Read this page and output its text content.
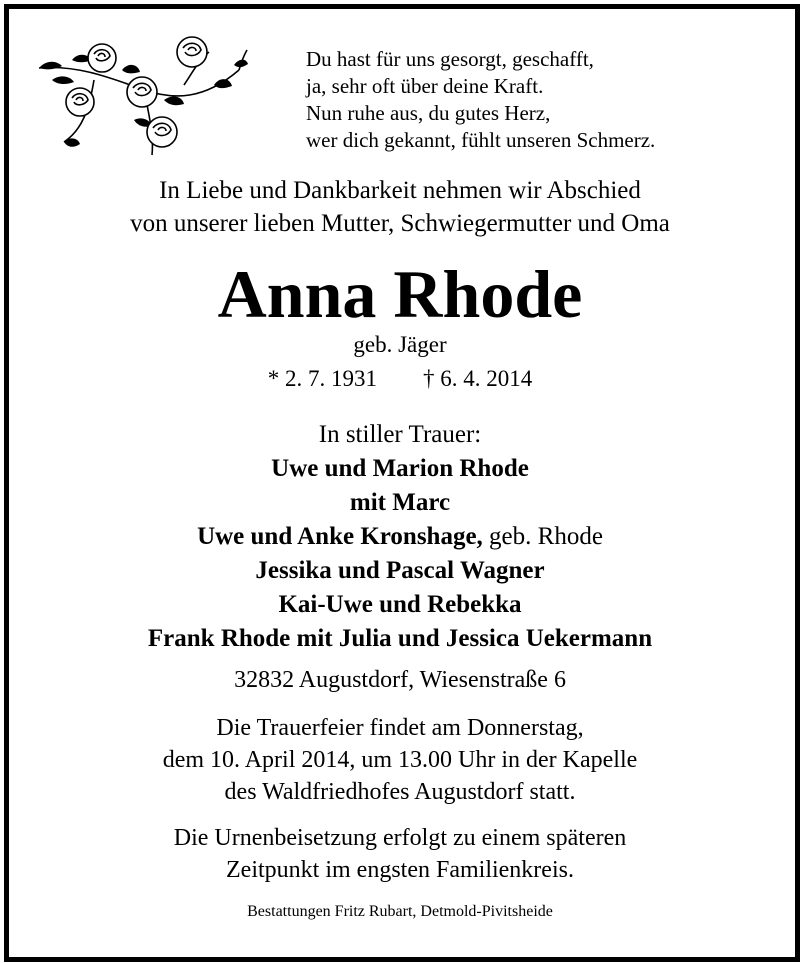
Du hast für uns gesorgt, geschafft,
ja, sehr oft über deine Kraft.
Nun ruhe aus, du gutes Herz,
wer dich gekannt, fühlt unseren Schmerz.
In Liebe und Dankbarkeit nehmen wir Abschied
von unserer lieben Mutter, Schwiegermutter und Oma
Anna Rhode
geb. Jäger
* 2. 7. 1931 † 6. 4. 2014
In stiller Trauer:
Uwe und Marion Rhode
mit Marc
Uwe und Anke Kronshage, geb. Rhode
Jessika und Pascal Wagner
Kai-Uwe und Rebekka
Frank Rhode mit Julia und Jessica Uekermann
32832 Augustdorf, Wiesenstraße 6
Die Trauerfeier findet am Donnerstag,
dem 10. April 2014, um 13.00 Uhr in der Kapelle
des Waldfriedhofes Augustdorf statt.
Die Urnenbeisetzung erfolgt zu einem späteren
Zeitpunkt im engsten Familienkreis.
Bestattungen Fritz Rubart, Detmold-Pivitsheide
